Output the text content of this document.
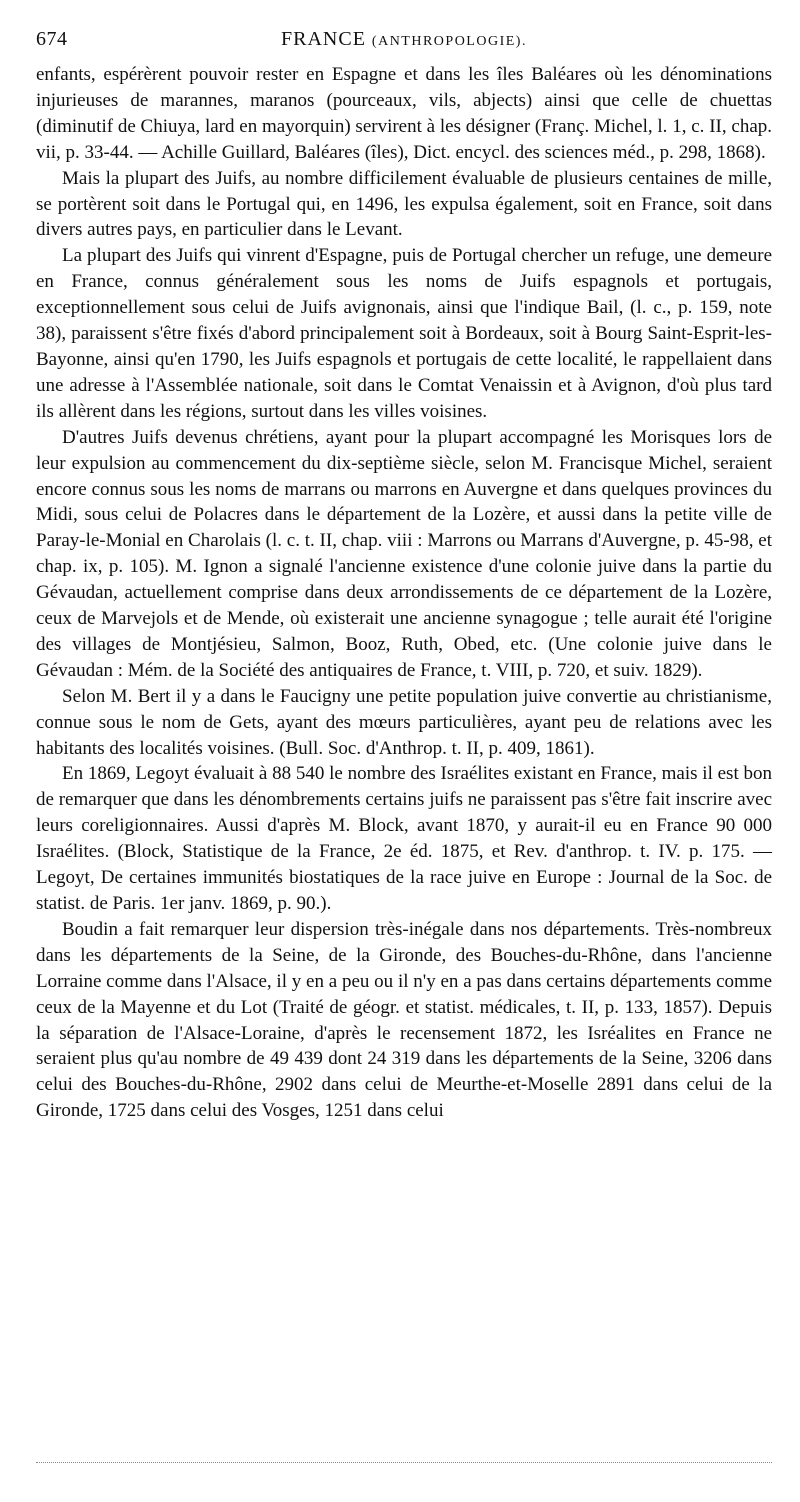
674	FRANCE (ANTHROPOLOGIE).

enfants, espérèrent pouvoir rester en Espagne et dans les îles Baléares où les dénominations injurieuses de marannes, maranos (pourceaux, vils, abjects) ainsi que celle de chuettas (diminutif de Chiuya, lard en mayorquin) servirent à les désigner (Franç. Michel, l. 1, c. II, chap. vii, p. 33-44. — Achille Guillard, Baléares (îles), Dict. encycl. des sciences méd., p. 298, 1868).

Mais la plupart des Juifs, au nombre difficilement évaluable de plusieurs centaines de mille, se portèrent soit dans le Portugal qui, en 1496, les expulsa également, soit en France, soit dans divers autres pays, en particulier dans le Levant.

La plupart des Juifs qui vinrent d'Espagne, puis de Portugal chercher un refuge, une demeure en France, connus généralement sous les noms de Juifs espagnols et portugais, exceptionnellement sous celui de Juifs avignonais, ainsi que l'indique Bail, (l. c., p. 159, note 38), paraissent s'être fixés d'abord principalement soit à Bordeaux, soit à Bourg Saint-Esprit-les-Bayonne, ainsi qu'en 1790, les Juifs espagnols et portugais de cette localité, le rappellaient dans une adresse à l'Assemblée nationale, soit dans le Comtat Venaissin et à Avignon, d'où plus tard ils allèrent dans les régions, surtout dans les villes voisines.

D'autres Juifs devenus chrétiens, ayant pour la plupart accompagné les Morisques lors de leur expulsion au commencement du dix-septième siècle, selon M. Francisque Michel, seraient encore connus sous les noms de marrans ou marrons en Auvergne et dans quelques provinces du Midi, sous celui de Polacres dans le département de la Lozère, et aussi dans la petite ville de Paray-le-Monial en Charolais (l. c. t. II, chap. viii : Marrons ou Marrans d'Auvergne, p. 45-98, et chap. ix, p. 105). M. Ignon a signalé l'ancienne existence d'une colonie juive dans la partie du Gévaudan, actuellement comprise dans deux arrondissements de ce département de la Lozère, ceux de Marvejols et de Mende, où existerait une ancienne synagogue ; telle aurait été l'origine des villages de Montjésieu, Salmon, Booz, Ruth, Obed, etc. (Une colonie juive dans le Gévaudan : Mém. de la Société des antiquaires de France, t. VIII, p. 720, et suiv. 1829).

Selon M. Bert il y a dans le Faucigny une petite population juive convertie au christianisme, connue sous le nom de Gets, ayant des mœurs particulières, ayant peu de relations avec les habitants des localités voisines. (Bull. Soc. d'Anthrop. t. II, p. 409, 1861).

En 1869, Legoyt évaluait à 88 540 le nombre des Israélites existant en France, mais il est bon de remarquer que dans les dénombrements certains juifs ne paraissent pas s'être fait inscrire avec leurs coreligionnaires. Aussi d'après M. Block, avant 1870, y aurait-il eu en France 90 000 Israélites. (Block, Statistique de la France, 2e éd. 1875, et Rev. d'anthrop. t. IV. p. 175. — Legoyt, De certaines immunités biostatiques de la race juive en Europe : Journal de la Soc. de statist. de Paris. 1er janv. 1869, p. 90.).

Boudin a fait remarquer leur dispersion très-inégale dans nos départements. Très-nombreux dans les départements de la Seine, de la Gironde, des Bouches-du-Rhône, dans l'ancienne Lorraine comme dans l'Alsace, il y en a peu ou il n'y en a pas dans certains départements comme ceux de la Mayenne et du Lot (Traité de géogr. et statist. médicales, t. II, p. 133, 1857). Depuis la séparation de l'Alsace-Loraine, d'après le recensement 1872, les Isréalites en France ne seraient plus qu'au nombre de 49 439 dont 24 319 dans les départements de la Seine, 3206 dans celui des Bouches-du-Rhône, 2902 dans celui de Meurthe-et-Moselle 2891 dans celui de la Gironde, 1725 dans celui des Vosges, 1251 dans celui
